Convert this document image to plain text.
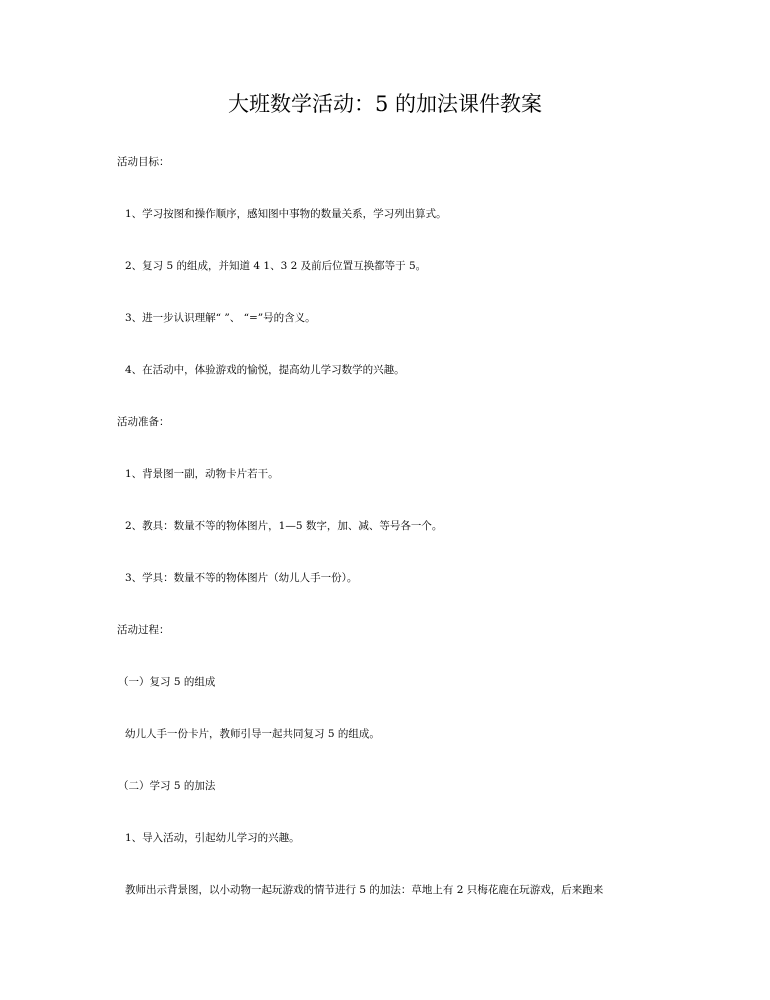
大班数学活动：5 的加法课件教案
活动目标：
1、学习按图和操作顺序，感知图中事物的数量关系，学习列出算式。
2、复习 5 的组成，并知道 4 1、3 2 及前后位置互换都等于 5。
3、进一步认识理解“ ”、 “=”号的含义。
4、在活动中，体验游戏的愉悦，提高幼儿学习数学的兴趣。
活动准备：
1、背景图一副，动物卡片若干。
2、教具：数量不等的物体图片，1—5 数字，加、减、等号各一个。
3、学具：数量不等的物体图片（幼儿人手一份）。
活动过程：
（一）复习 5 的组成
幼儿人手一份卡片，教师引导一起共同复习 5 的组成。
（二）学习 5 的加法
1、导入活动，引起幼儿学习的兴趣。
教师出示背景图，以小动物一起玩游戏的情节进行 5 的加法：草地上有 2 只梅花鹿在玩游戏，后来跑来
